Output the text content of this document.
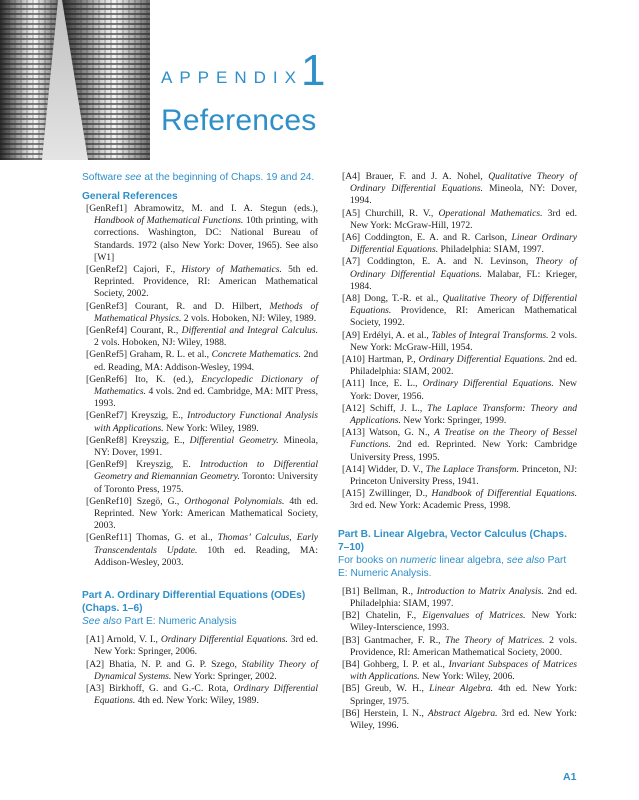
APPENDIX1
References
Software see at the beginning of Chaps. 19 and 24.
General References

[GenRef1] Abramowitz, M. and I. A. Stegun (eds.), Handbook of Mathematical Functions. 10th printing, with corrections. Washington, DC: National Bureau of Standards. 1972 (also New York: Dover, 1965). See also [W1]

[GenRef2] Cajori, F., History of Mathematics. 5th ed. Reprinted. Providence, RI: American Mathematical Society, 2002.

[GenRef3] Courant, R. and D. Hilbert, Methods of Mathematical Physics. 2 vols. Hoboken, NJ: Wiley, 1989.

[GenRef4] Courant, R., Differential and Integral Calculus. 2 vols. Hoboken, NJ: Wiley, 1988.

[GenRef5] Graham, R. L. et al., Concrete Mathematics. 2nd ed. Reading, MA: Addison-Wesley, 1994.

[GenRef6] Ito, K. (ed.), Encyclopedic Dictionary of Mathematics. 4 vols. 2nd ed. Cambridge, MA: MIT Press, 1993.

[GenRef7] Kreyszig, E., Introductory Functional Analysis with Applications. New York: Wiley, 1989.

[GenRef8] Kreyszig, E., Differential Geometry. Mineola, NY: Dover, 1991.

[GenRef9] Kreyszig, E. Introduction to Differential Geometry and Riemannian Geometry. Toronto: University of Toronto Press, 1975.

[GenRef10] Szegö, G., Orthogonal Polynomials. 4th ed. Reprinted. New York: American Mathematical Society, 2003.

[GenRef11] Thomas, G. et al., Thomas’ Calculus, Early Transcendentals Update. 10th ed. Reading, MA: Addison-Wesley, 2003.

Part A. Ordinary Differential Equations (ODEs) (Chaps. 1–6)
See also Part E: Numeric Analysis

[A1] Arnold, V. I., Ordinary Differential Equations. 3rd ed. New York: Springer, 2006.

[A2] Bhatia, N. P. and G. P. Szego, Stability Theory of Dynamical Systems. New York: Springer, 2002.

[A3] Birkhoff, G. and G.-C. Rota, Ordinary Differential Equations. 4th ed. New York: Wiley, 1989.

[A4] Brauer, F. and J. A. Nohel, Qualitative Theory of Ordinary Differential Equations. Mineola, NY: Dover, 1994.

[A5] Churchill, R. V., Operational Mathematics. 3rd ed. New York: McGraw-Hill, 1972.

[A6] Coddington, E. A. and R. Carlson, Linear Ordinary Differential Equations. Philadelphia: SIAM, 1997.

[A7] Coddington, E. A. and N. Levinson, Theory of Ordinary Differential Equations. Malabar, FL: Krieger, 1984.

[A8] Dong, T.-R. et al., Qualitative Theory of Differential Equations. Providence, RI: American Mathematical Society, 1992.

[A9] Erdélyi, A. et al., Tables of Integral Transforms. 2 vols. New York: McGraw-Hill, 1954.

[A10] Hartman, P., Ordinary Differential Equations. 2nd ed. Philadelphia: SIAM, 2002.

[A11] Ince, E. L., Ordinary Differential Equations. New York: Dover, 1956.

[A12] Schiff, J. L., The Laplace Transform: Theory and Applications. New York: Springer, 1999.

[A13] Watson, G. N., A Treatise on the Theory of Bessel Functions. 2nd ed. Reprinted. New York: Cambridge University Press, 1995.

[A14] Widder, D. V., The Laplace Transform. Princeton, NJ: Princeton University Press, 1941.

[A15] Zwillinger, D., Handbook of Differential Equations. 3rd ed. New York: Academic Press, 1998.

Part B. Linear Algebra, Vector Calculus (Chaps. 7–10)
For books on numeric linear algebra, see also Part E: Numeric Analysis.

[B1] Bellman, R., Introduction to Matrix Analysis. 2nd ed. Philadelphia: SIAM, 1997.

[B2] Chatelin, F., Eigenvalues of Matrices. New York: Wiley-Interscience, 1993.

[B3] Gantmacher, F. R., The Theory of Matrices. 2 vols. Providence, RI: American Mathematical Society, 2000.

[B4] Gohberg, I. P. et al., Invariant Subspaces of Matrices with Applications. New York: Wiley, 2006.

[B5] Greub, W. H., Linear Algebra. 4th ed. New York: Springer, 1975.

[B6] Herstein, I. N., Abstract Algebra. 3rd ed. New York: Wiley, 1996.

A1
